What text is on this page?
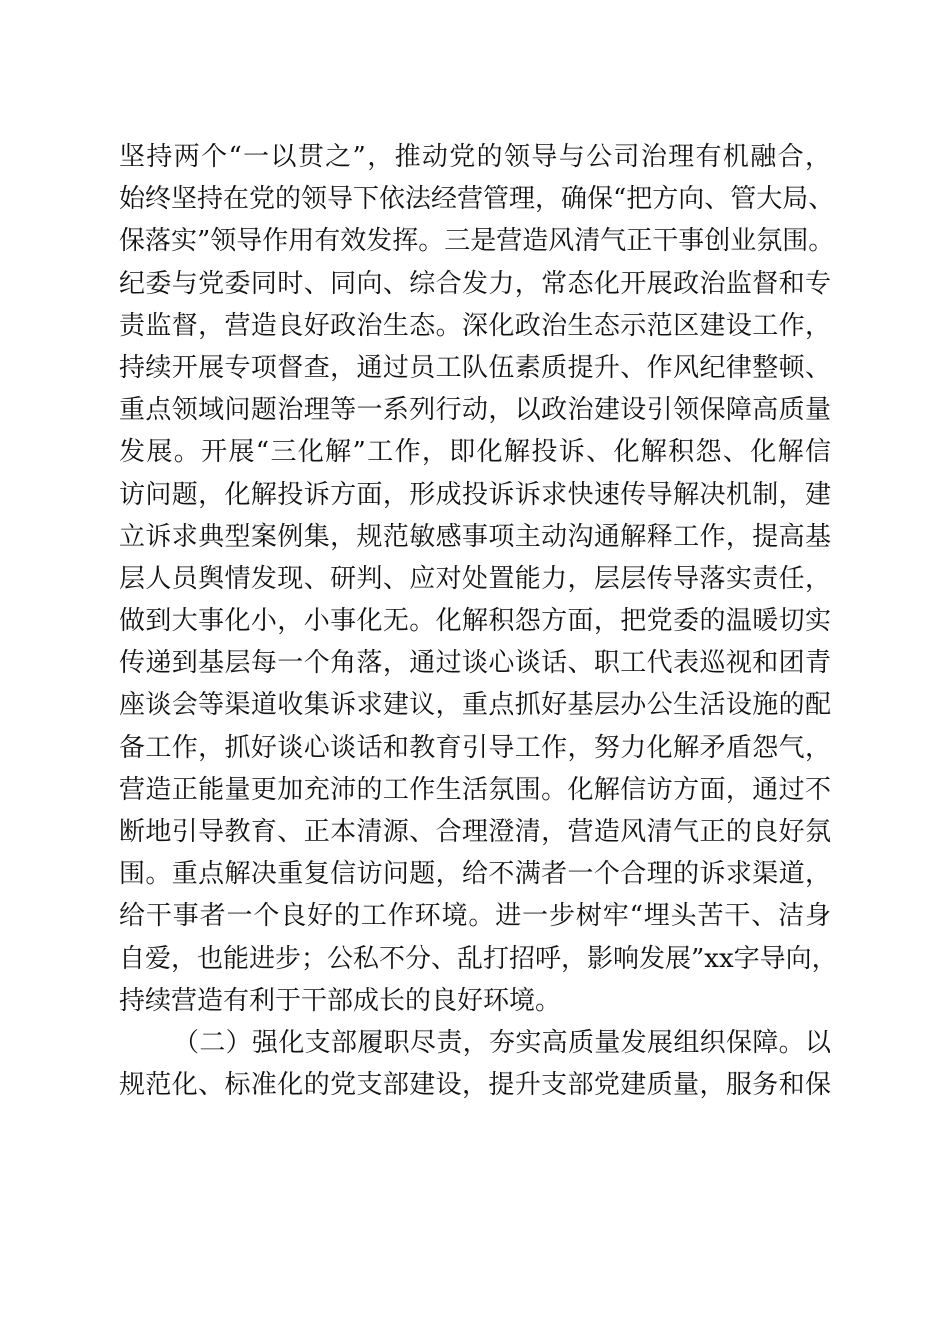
坚持两个“一以贯之”，推动党的领导与公司治理有机融合，
始终坚持在党的领导下依法经营管理，确保“把方向、管大局、
保落实”领导作用有效发挥。三是营造风清气正干事创业氛围。
纪委与党委同时、同向、综合发力，常态化开展政治监督和专
责监督，营造良好政治生态。深化政治生态示范区建设工作，
持续开展专项督查，通过员工队伍素质提升、作风纪律整顿、
重点领域问题治理等一系列行动，以政治建设引领保障高质量
发展。开展“三化解”工作，即化解投诉、化解积怨、化解信
访问题，化解投诉方面，形成投诉诉求快速传导解决机制，建
立诉求典型案例集，规范敏感事项主动沟通解释工作，提高基
层人员舆情发现、研判、应对处置能力，层层传导落实责任，
做到大事化小，小事化无。化解积怨方面，把党委的温暖切实
传递到基层每一个角落，通过谈心谈话、职工代表巡视和团青
座谈会等渠道收集诉求建议，重点抓好基层办公生活设施的配
备工作，抓好谈心谈话和教育引导工作，努力化解矛盾怨气，
营造正能量更加充沛的工作生活氛围。化解信访方面，通过不
断地引导教育、正本清源、合理澄清，营造风清气正的良好氛
围。重点解决重复信访问题，给不满者一个合理的诉求渠道，
给干事者一个良好的工作环境。进一步树牢“埋头苦干、洁身
自爱，也能进步；公私不分、乱打招呼，影响发展”xx字导向，
持续营造有利于干部成长的良好环境。
（二）强化支部履职尽责，夯实高质量发展组织保障。以
规范化、标准化的党支部建设，提升支部党建质量，服务和保
